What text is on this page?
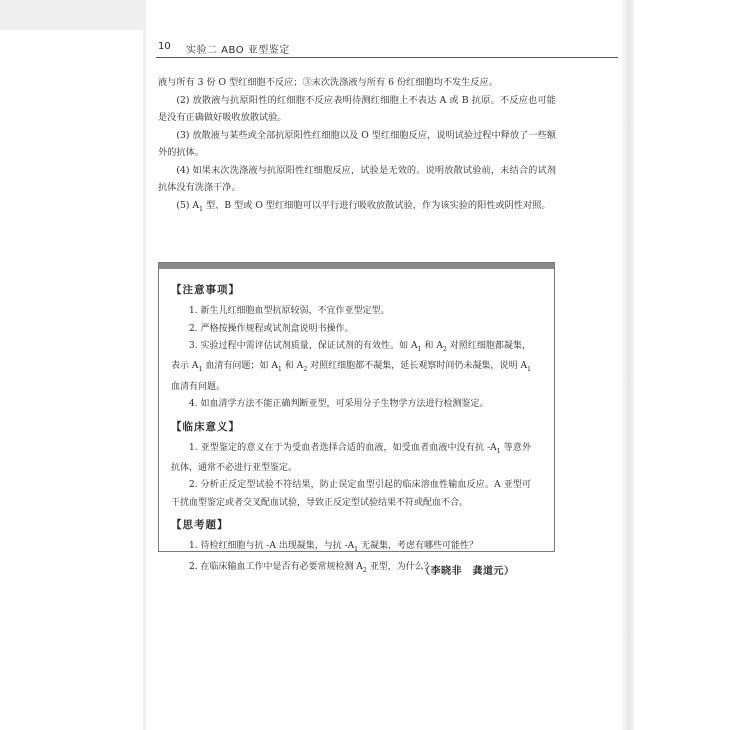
10 实验二 ABO 亚型鉴定

液与所有 3 份 O 型红细胞不反应；③末次洗涤液与所有 6 份红细胞均不发生反应。

(2) 放散液与抗原阳性的红细胞不反应表明待测红细胞上不表达 A 或 B 抗原。不反应也可能是没有正确做好吸收放散试验。

(3) 放散液与某些或全部抗原阳性红细胞以及 O 型红细胞反应，说明试验过程中释放了一些额外的抗体。

(4) 如果末次洗涤液与抗原阳性红细胞反应，试验是无效的。说明放散试验前，未结合的试剂抗体没有洗涤干净。

(5) $A_1$ 型、B 型或 O 型红细胞可以平行进行吸收放散试验，作为该实验的阳性或阴性对照。

【注意事项】

1. 新生儿红细胞血型抗原较弱，不宜作亚型定型。

2. 严格按操作规程或试剂盒说明书操作。

3. 实验过程中需评估试剂质量，保证试剂的有效性。如 $A_1$ 和 $A_2$ 对照红细胞都凝集，表示 $A_1$ 血清有问题；如 $A_1$ 和 $A_2$ 对照红细胞都不凝集，延长观察时间仍未凝集，说明 $A_1$ 血清有问题。

4. 如血清学方法不能正确判断亚型，可采用分子生物学方法进行检测鉴定。

【临床意义】

1. 亚型鉴定的意义在于为受血者选择合适的血液，如受血者血液中没有抗 $-A_1$ 等意外抗体，通常不必进行亚型鉴定。

2. 分析正反定型试验不符结果，防止误定血型引起的临床溶血性输血反应。A 亚型可干扰血型鉴定或者交叉配血试验，导致正反定型试验结果不符或配血不合。

【思考题】

1. 待检红细胞与抗 -A 出现凝集，与抗 $-A_1$ 无凝集，考虑有哪些可能性？

2. 在临床输血工作中是否有必要常规检测 $A_2$ 亚型，为什么？

（李晓非　龚道元）
